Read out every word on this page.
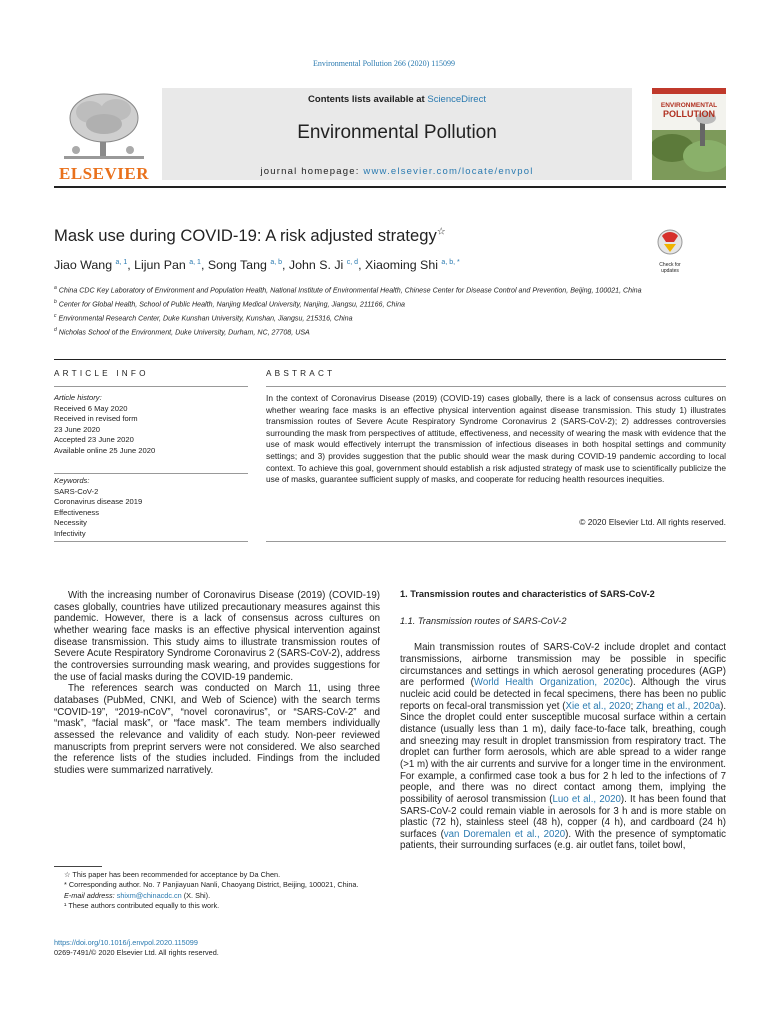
Environmental Pollution 266 (2020) 115099
ELSEVIER
Contents lists available at ScienceDirect
Environmental Pollution
journal homepage: www.elsevier.com/locate/envpol
ENVIRONMENTAL
POLLUTION
Mask use during COVID-19: A risk adjusted strategy☆
Check for updates
Jiao Wang $^{a, 1}$, Lijun Pan $^{a, 1}$, Song Tang $^{a, b}$, John S. Ji $^{c, d}$, Xiaoming Shi $^{a, b, *}$
$^a$ China CDC Key Laboratory of Environment and Population Health, National Institute of Environmental Health, Chinese Center for Disease Control and Prevention, Beijing, 100021, China
$^b$ Center for Global Health, School of Public Health, Nanjing Medical University, Nanjing, Jiangsu, 211166, China
$^c$ Environmental Research Center, Duke Kunshan University, Kunshan, Jiangsu, 215316, China
$^d$ Nicholas School of the Environment, Duke University, Durham, NC, 27708, USA
ARTICLE INFO	ABSTRACT
Article history:
Received 6 May 2020
Received in revised form
23 June 2020
Accepted 23 June 2020
Available online 25 June 2020
Keywords:
SARS-CoV-2
Coronavirus disease 2019
Effectiveness
Necessity
Infectivity
In the context of Coronavirus Disease (2019) (COVID-19) cases globally, there is a lack of consensus across cultures on whether wearing face masks is an effective physical intervention against disease transmission. This study 1) illustrates transmission routes of Severe Acute Respiratory Syndrome Coronavirus 2 (SARS-CoV-2); 2) addresses controversies surrounding the mask from perspectives of attitude, effectiveness, and necessity of wearing the mask with evidence that the use of mask would effectively interrupt the transmission of infectious diseases in both hospital settings and community settings; and 3) provides suggestion that the public should wear the mask during COVID-19 pandemic according to local context. To achieve this goal, government should establish a risk adjusted strategy of mask use to scientifically publicize the use of masks, guarantee sufficient supply of masks, and cooperate for reducing health resources inequities.
© 2020 Elsevier Ltd. All rights reserved.

With the increasing number of Coronavirus Disease (2019) (COVID-19) cases globally, countries have utilized precautionary measures against this pandemic. However, there is a lack of consensus across cultures on whether wearing face masks is an effective physical intervention against disease transmission. This study aims to illustrate transmission routes of Severe Acute Respiratory Syndrome Coronavirus 2 (SARS-CoV-2), address the controversies surrounding mask wearing, and provides suggestions for the use of facial masks during the COVID-19 pandemic.

The references search was conducted on March 11, using three databases (PubMed, CNKI, and Web of Science) with the search terms “COVID-19”, “2019-nCoV”, “novel coronavirus”, or “SARS-CoV-2” and “mask”, “facial mask”, or “face mask”. The team members individually assessed the relevance and validity of each study. Non-peer reviewed manuscripts from preprint servers were not considered. We also searched the reference lists of the studies included. Findings from the included studies were summarized narratively.

1. Transmission routes and characteristics of SARS-CoV-2
1.1. Transmission routes of SARS-CoV-2

Main transmission routes of SARS-CoV-2 include droplet and contact transmissions, airborne transmission may be possible in specific circumstances and settings in which aerosol generating procedures (AGP) are performed (World Health Organization, 2020c). Although the virus nucleic acid could be detected in fecal specimens, there has been no public reports on fecal-oral transmission yet (Xie et al., 2020; Zhang et al., 2020a). Since the droplet could enter susceptible mucosal surface within a certain distance (usually less than 1 m), daily face-to-face talk, breathing, cough and sneezing may result in droplet transmission from respiratory tract. The droplet can further form aerosols, which are able spread to a wider range (>1 m) with the air currents and survive for a longer time in the environment. For example, a confirmed case took a bus for 2 h led to the infections of 7 people, and there was no direct contact among them, implying the possibility of aerosol transmission (Luo et al., 2020). It has been found that SARS-CoV-2 could remain viable in aerosols for 3 h and is more stable on plastic (72 h), stainless steel (48 h), copper (4 h), and cardboard (24 h) surfaces (van Doremalen et al., 2020). With the presence of symptomatic patients, their surrounding surfaces (e.g. air outlet fans, toilet bowl,

☆ This paper has been recommended for acceptance by Da Chen.
* Corresponding author. No. 7 Panjiayuan Nanli, Chaoyang District, Beijing, 100021, China.
E-mail address: shixm@chinacdc.cn (X. Shi).
¹ These authors contributed equally to this work.
https://doi.org/10.1016/j.envpol.2020.115099
0269-7491/© 2020 Elsevier Ltd. All rights reserved.
